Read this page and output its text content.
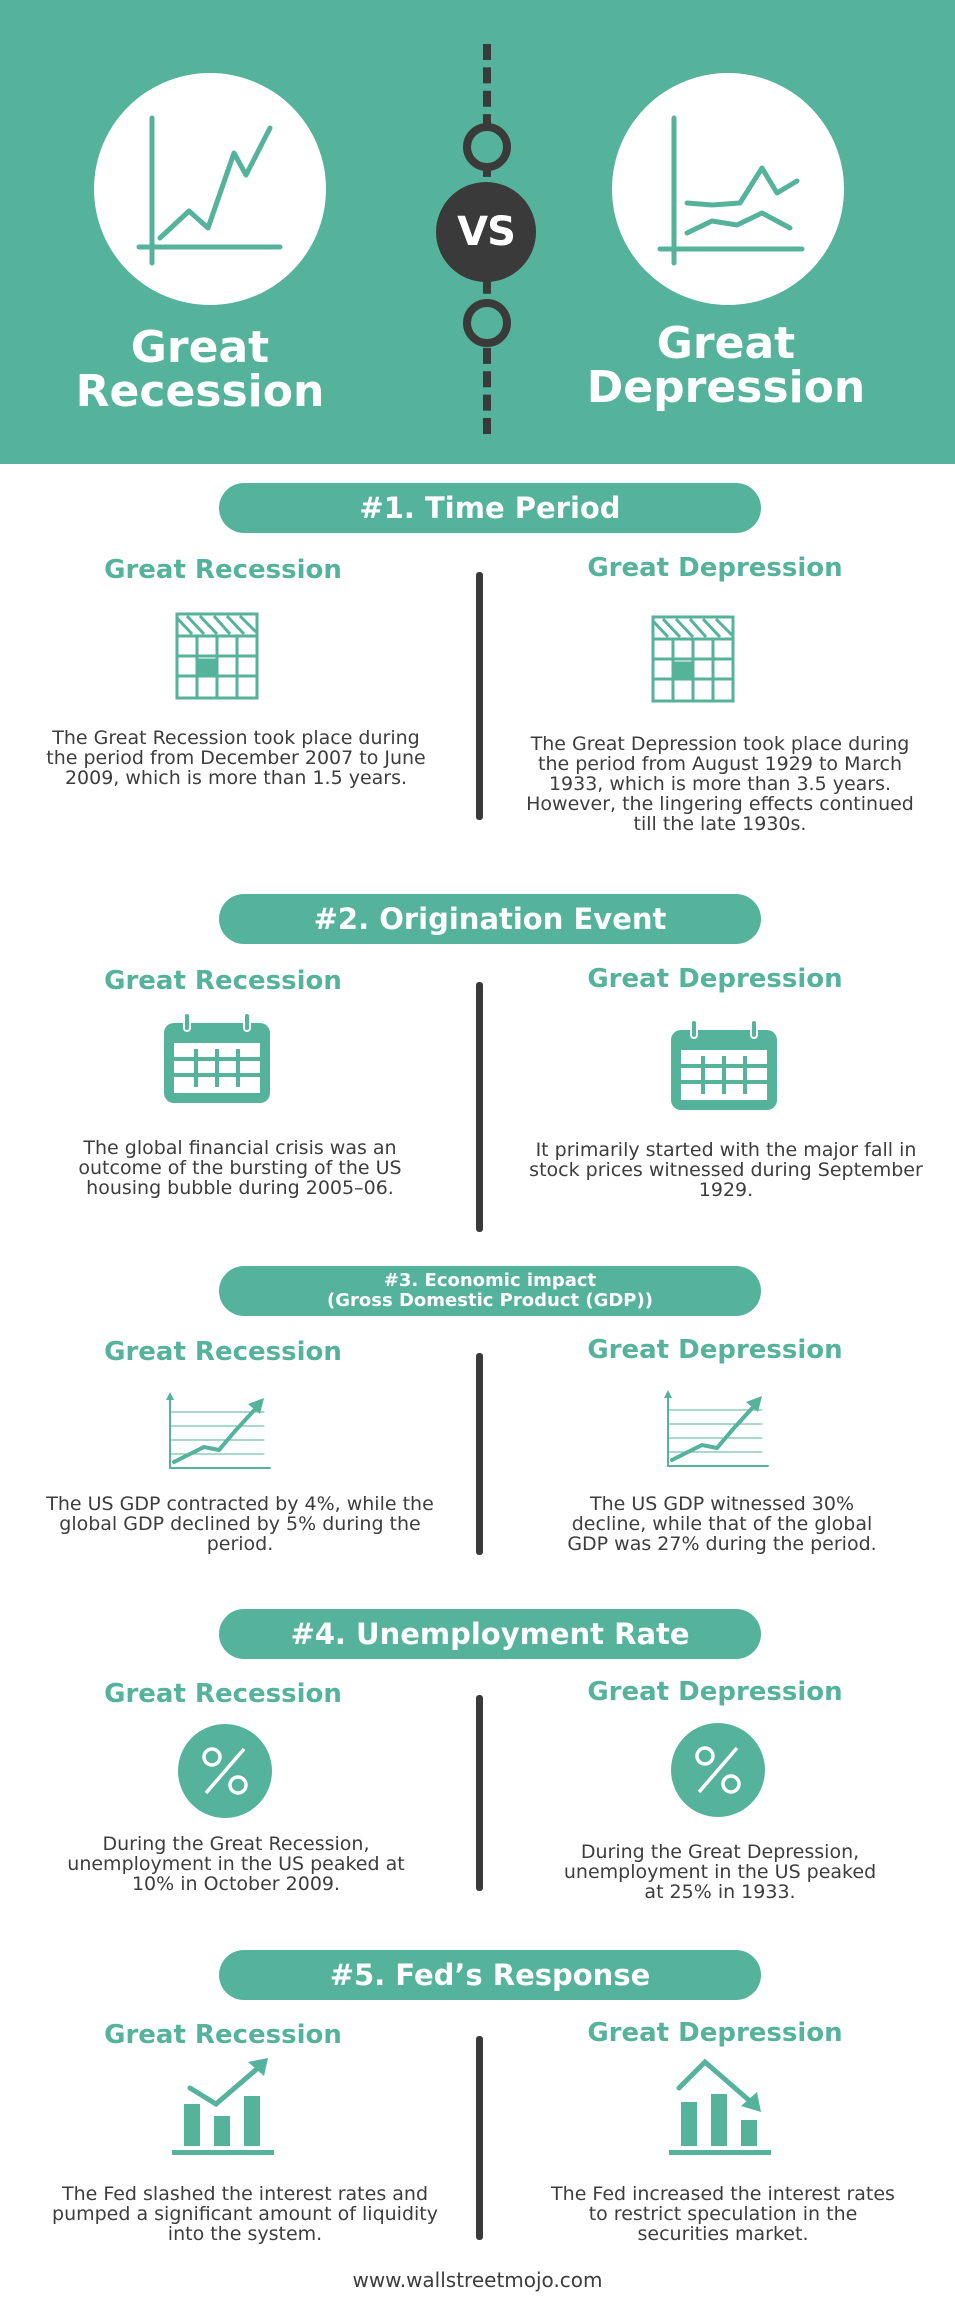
Great
Recession
VS
Great
Depression
#1. Time Period
Great Recession	Great Depression
The Great Recession took place during the period from December 2007 to June 2009, which is more than 1.5 years.
The Great Depression took place during the period from August 1929 to March 1933, which is more than 3.5 years. However, the lingering effects continued till the late 1930s.
#2. Origination Event
Great Recession	Great Depression
The global financial crisis was an outcome of the bursting of the US housing bubble during 2005–06.
It primarily started with the major fall in stock prices witnessed during September 1929.
#3. Economic impact
(Gross Domestic Product (GDP))
Great Recession	Great Depression
The US GDP contracted by 4%, while the global GDP declined by 5% during the period.
The US GDP witnessed 30% decline, while that of the global GDP was 27% during the period.
#4. Unemployment Rate
Great Recession	Great Depression
During the Great Recession, unemployment in the US peaked at 10% in October 2009.
During the Great Depression, unemployment in the US peaked at 25% in 1933.
#5. Fed’s Response
Great Recession	Great Depression
The Fed slashed the interest rates and pumped a significant amount of liquidity into the system.
The Fed increased the interest rates to restrict speculation in the securities market.
www.wallstreetmojo.com
